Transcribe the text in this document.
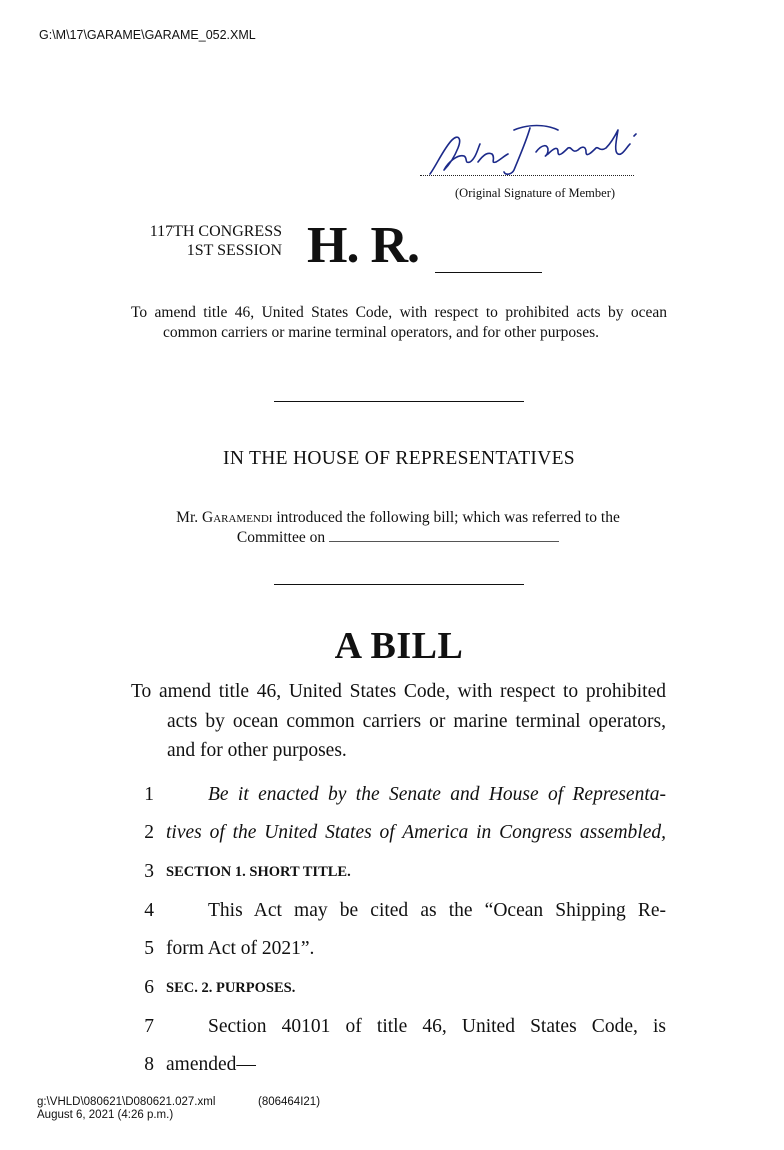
G:\M\17\GARAME\GARAME_052.XML
(Original Signature of Member)
117TH CONGRESS
1ST SESSION H. R.

To amend title 46, United States Code, with respect to prohibited acts by ocean common carriers or marine terminal operators, and for other purposes.

IN THE HOUSE OF REPRESENTATIVES
Mr. Garamendi introduced the following bill; which was referred to the
Committee on
A BILL

To amend title 46, United States Code, with respect to prohibited acts by ocean common carriers or marine terminal operators, and for other purposes.

1	Be it enacted by the Senate and House of Representa-
2 tives of the United States of America in Congress assembled,
3 SECTION 1. SHORT TITLE.
4	This Act may be cited as the “Ocean Shipping Re-
5 form Act of 2021”.
6 SEC. 2. PURPOSES.
7	Section 40101 of title 46, United States Code, is
8 amended—
g:\VHLD\080621\D080621.027.xml
August 6, 2021 (4:26 p.m.)
(806464I21)
